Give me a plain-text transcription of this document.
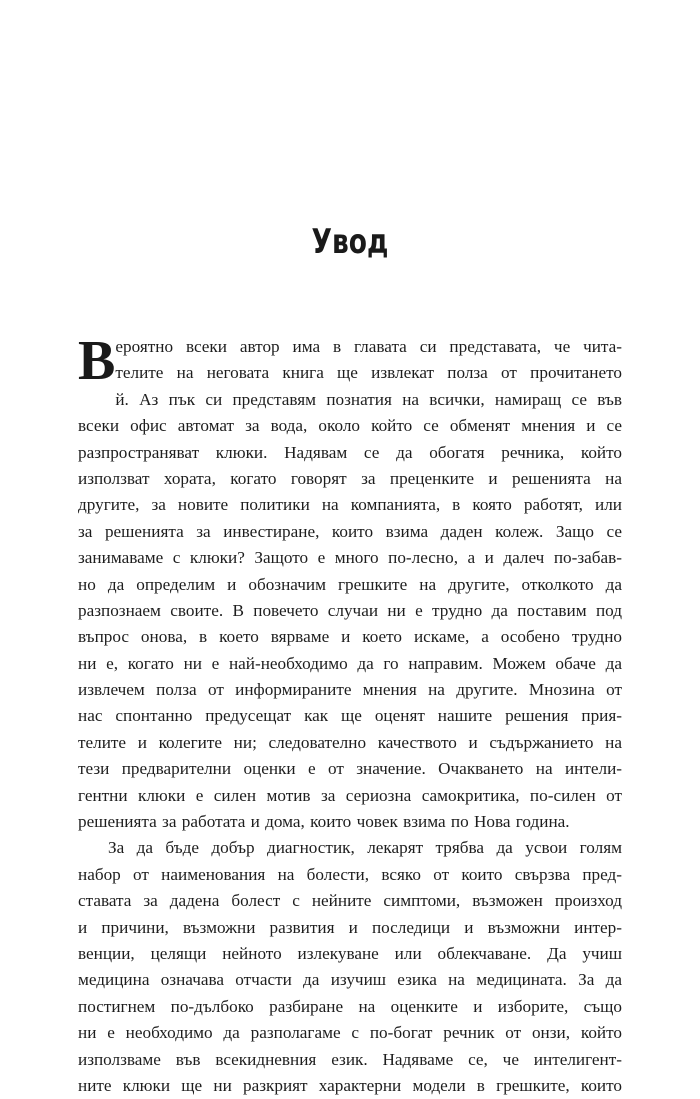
Увод
В ероятно всеки автор има в главата си представата, че чита-
телите на неговата книга ще извлекат полза от прочитането
й. Аз пък си представям познатия на всички, намиращ се във
всеки офис автомат за вода, около който се обменят мнения и се
разпространяват клюки. Надявам се да обогатя речника, който
използват хората, когато говорят за преценките и решенията на
другите, за новите политики на компанията, в която работят, или
за решенията за инвестиране, които взима даден колеж. Защо се
занимаваме с клюки? Защото е много по-лесно, а и далеч по-забав-
но да определим и обозначим грешките на другите, отколкото да
разпознаем своите. В повечето случаи ни е трудно да поставим под
въпрос онова, в което вярваме и което искаме, а особено трудно
ни е, когато ни е най-необходимо да го направим. Можем обаче да
извлечем полза от информираните мнения на другите. Мнозина от
нас спонтанно предусещат как ще оценят нашите решения прия-
телите и колегите ни; следователно качеството и съдържанието на
тези предварителни оценки е от значение. Очакването на интели-
гентни клюки е силен мотив за сериозна самокритика, по-силен от
решенията за работата и дома, които човек взима по Нова година.
За да бъде добър диагностик, лекарят трябва да усвои голям
набор от наименования на болести, всяко от които свързва пред-
ставата за дадена болест с нейните симптоми, възможен произход
и причини, възможни развития и последици и възможни интер-
венции, целящи нейното излекуване или облекчаване. Да учиш
медицина означава отчасти да изучиш езика на медицината. За да
постигнем по-дълбоко разбиране на оценките и изборите, също
ни е необходимо да разполагаме с по-богат речник от онзи, който
използваме във всекидневния език. Надяваме се, че интелигент-
ните клюки ще ни разкрият характерни модели в грешките, които
